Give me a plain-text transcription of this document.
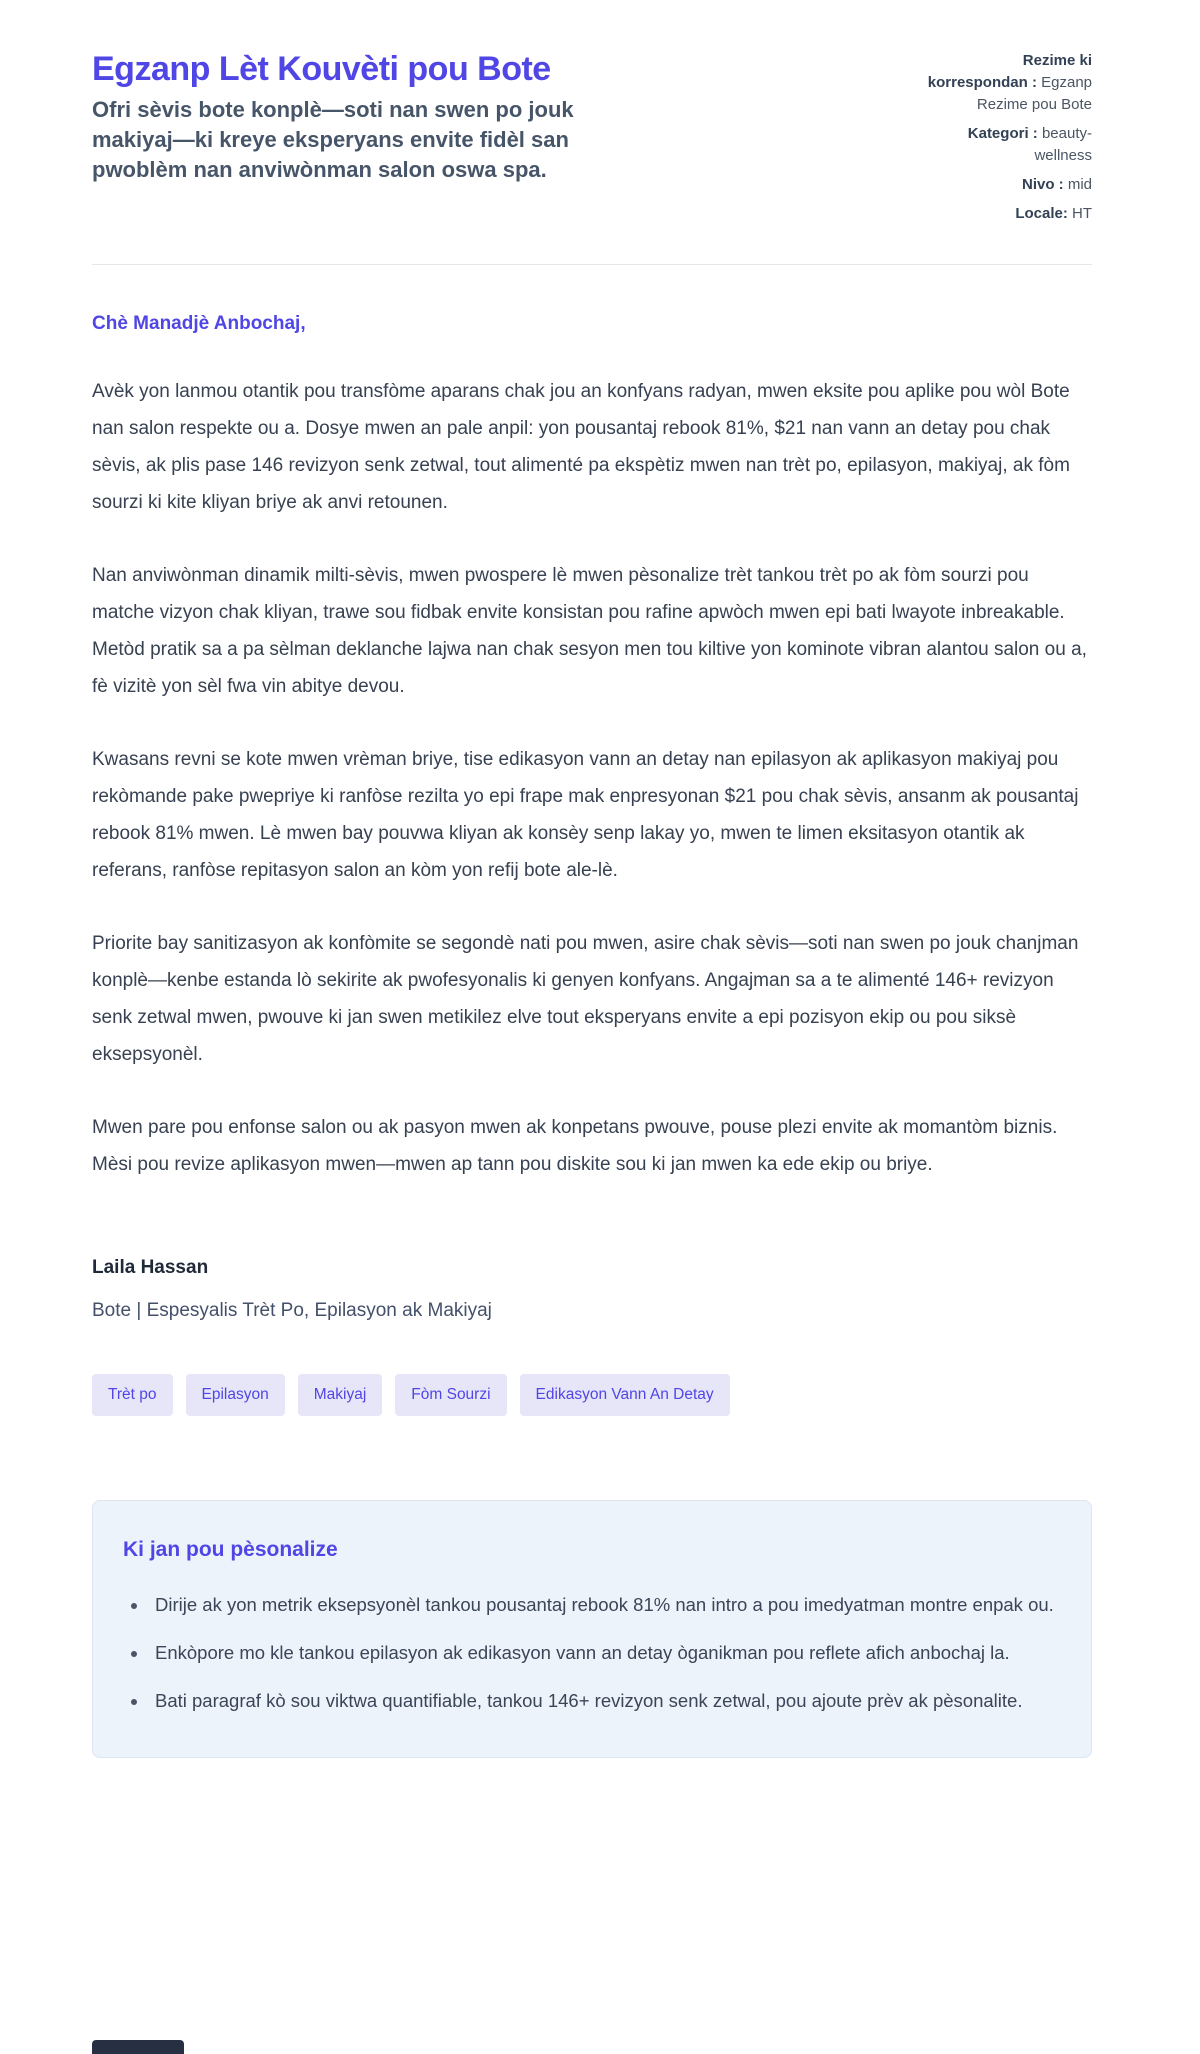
Egzanp Lèt Kouvèti pou Bote

Ofri sèvis bote konplè—soti nan swen po jouk makiyaj—ki kreye eksperyans envite fidèl san pwoblèm nan anviwònman salon oswa spa.

Rezime ki korrespondan : Egzanp Rezime pou Bote
Kategori : beauty-wellness
Nivo : mid
Locale: HT

Chè Manadjè Anbochaj,

Avèk yon lanmou otantik pou transfòme aparans chak jou an konfyans radyan, mwen eksite pou aplike pou wòl Bote nan salon respekte ou a. Dosye mwen an pale anpil: yon pousantaj rebook 81%, $21 nan vann an detay pou chak sèvis, ak plis pase 146 revizyon senk zetwal, tout alimenté pa ekspètiz mwen nan trèt po, epilasyon, makiyaj, ak fòm sourzi ki kite kliyan briye ak anvi retounen.

Nan anviwònman dinamik milti-sèvis, mwen pwospere lè mwen pèsonalize trèt tankou trèt po ak fòm sourzi pou matche vizyon chak kliyan, trawe sou fidbak envite konsistan pou rafine apwòch mwen epi bati lwayote inbreakable. Metòd pratik sa a pa sèlman deklanche lajwa nan chak sesyon men tou kiltive yon kominote vibran alantou salon ou a, fè vizitè yon sèl fwa vin abitye devou.

Kwasans revni se kote mwen vrèman briye, tise edikasyon vann an detay nan epilasyon ak aplikasyon makiyaj pou rekòmande pake pwepriye ki ranfòse rezilta yo epi frape mak enpresyonan $21 pou chak sèvis, ansanm ak pousantaj rebook 81% mwen. Lè mwen bay pouvwa kliyan ak konsèy senp lakay yo, mwen te limen eksitasyon otantik ak referans, ranfòse repitasyon salon an kòm yon refij bote ale-lè.

Priorite bay sanitizasyon ak konfòmite se segondè nati pou mwen, asire chak sèvis—soti nan swen po jouk chanjman konplè—kenbe estanda lò sekirite ak pwofesyonalis ki genyen konfyans. Angajman sa a te alimenté 146+ revizyon senk zetwal mwen, pwouve ki jan swen metikilez elve tout eksperyans envite a epi pozisyon ekip ou pou siksè eksepsyonèl.

Mwen pare pou enfonse salon ou ak pasyon mwen ak konpetans pwouve, pouse plezi envite ak momantòm biznis. Mèsi pou revize aplikasyon mwen—mwen ap tann pou diskite sou ki jan mwen ka ede ekip ou briye.

Laila Hassan
Bote | Espesyalis Trèt Po, Epilasyon ak Makiyaj
Trèt po	Epilasyon	Makiyaj	Fòm Sourzi	Edikasyon Vann An Detay
Ki jan pou pèsonalize
• Dirije ak yon metrik eksepsyonèl tankou pousantaj rebook 81% nan intro a pou imedyatman montre enpak ou.
• Enkòpore mo kle tankou epilasyon ak edikasyon vann an detay òganikman pou reflete afich anbochaj la.
• Bati paragraf kò sou viktwa quantifiable, tankou 146+ revizyon senk zetwal, pou ajoute prèv ak pèsonalite.
